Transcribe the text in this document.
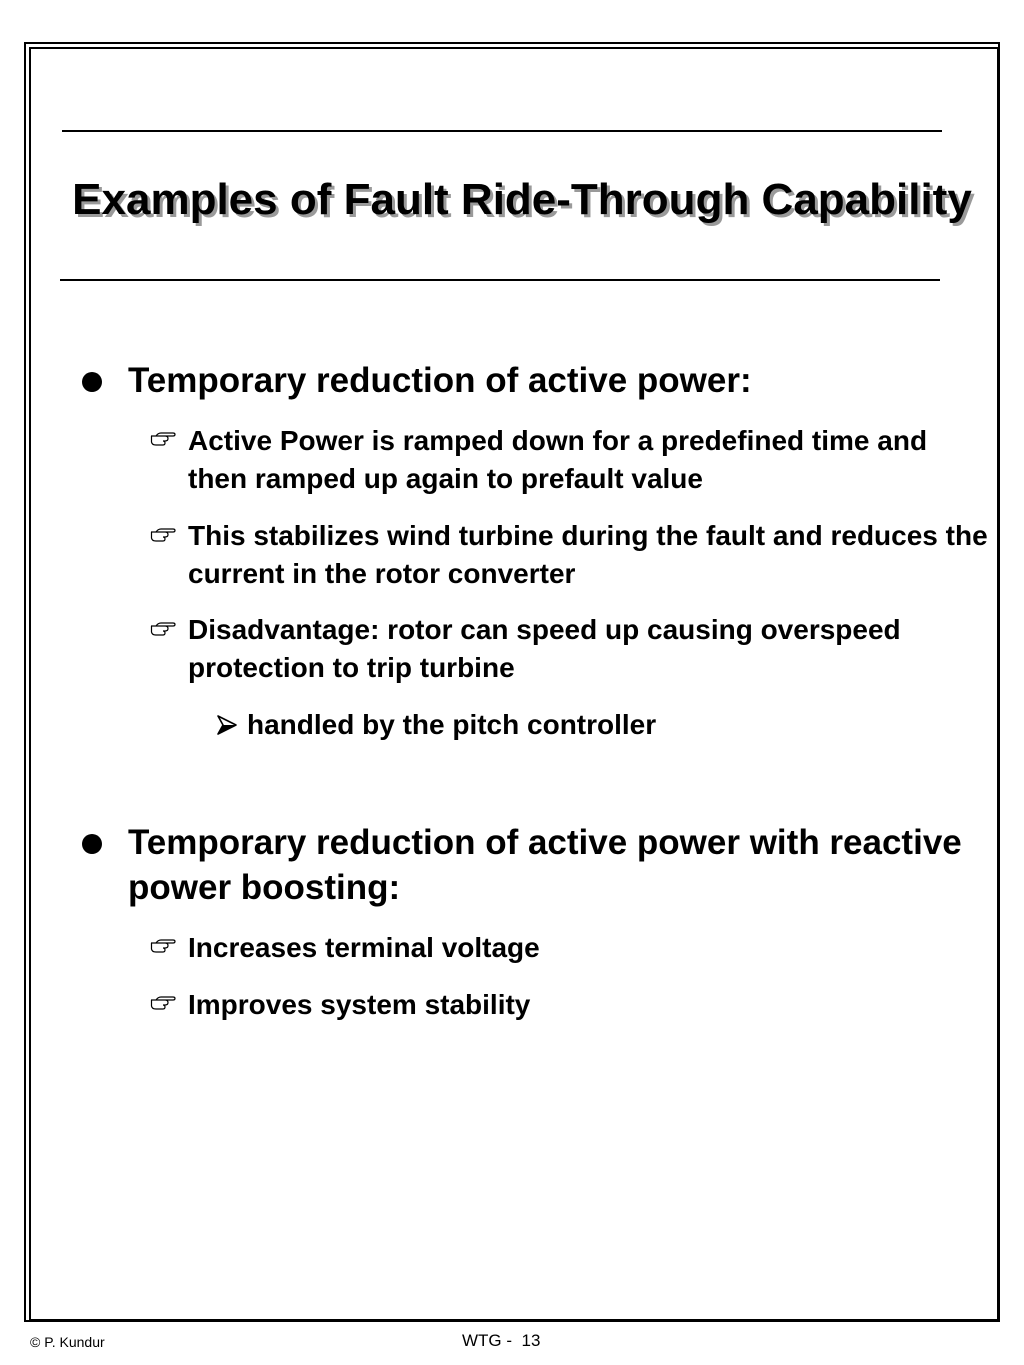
Examples of Fault Ride-Through Capability
Temporary reduction of active power:
Active Power is ramped down for a predefined time and then ramped up again to prefault value
This stabilizes wind turbine during the fault and reduces the current in the rotor converter
Disadvantage: rotor can speed up causing overspeed protection to trip turbine
handled by the pitch controller
Temporary reduction of active power with reactive power boosting:
Increases terminal voltage
Improves system stability
© P. Kundur	WTG -  13
